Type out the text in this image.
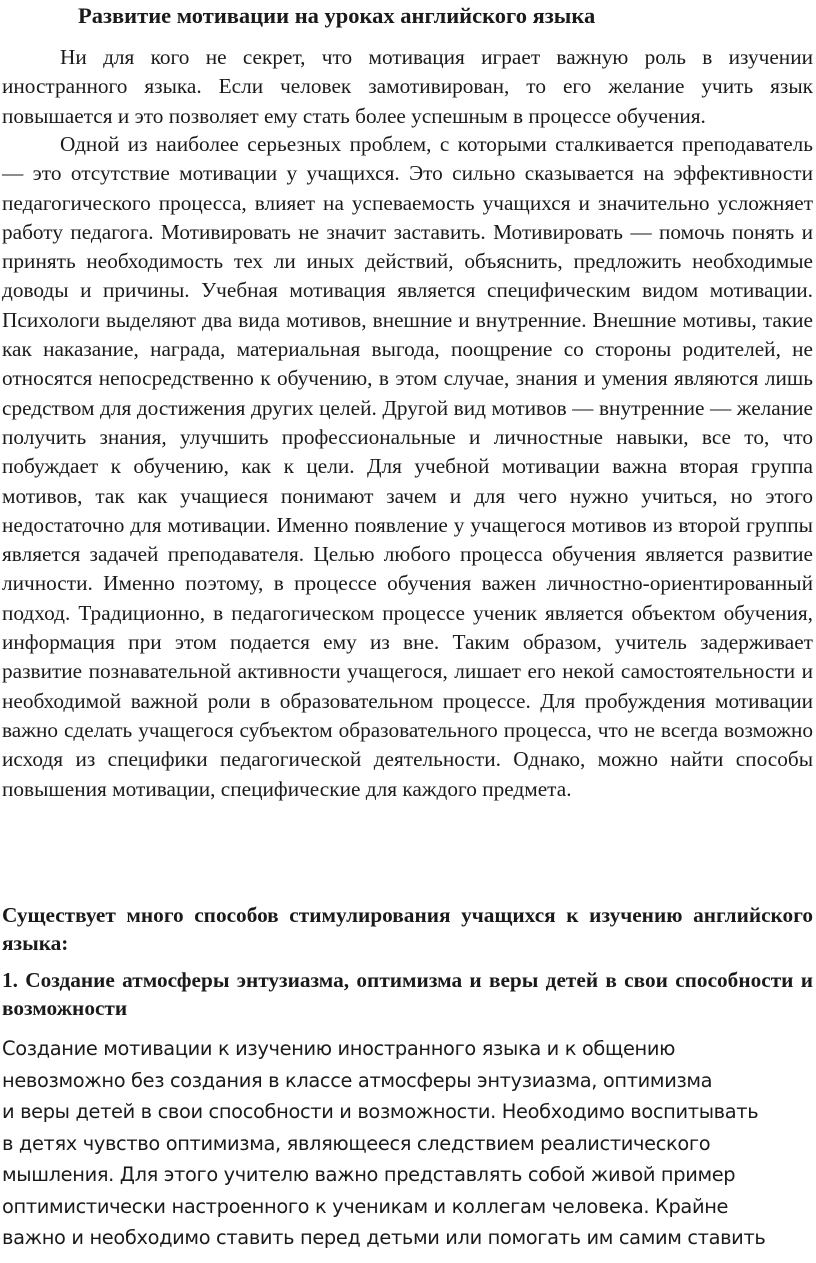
Развитие мотивации на уроках английского языка

Ни для кого не секрет, что мотивация играет важную роль в изучении иностранного языка. Если человек замотивирован, то его желание учить язык повышается и это позволяет ему стать более успешным в процессе обучения.

Одной из наиболее серьезных проблем, с которыми сталкивается преподаватель — это отсутствие мотивации у учащихся. Это сильно сказывается на эффективности педагогического процесса, влияет на успеваемость учащихся и значительно усложняет работу педагога. Мотивировать не значит заставить. Мотивировать — помочь понять и принять необходимость тех ли иных действий, объяснить, предложить необходимые доводы и причины. Учебная мотивация является специфическим видом мотивации. Психологи выделяют два вида мотивов, внешние и внутренние. Внешние мотивы, такие как наказание, награда, материальная выгода, поощрение со стороны родителей, не относятся непосредственно к обучению, в этом случае, знания и умения являются лишь средством для достижения других целей. Другой вид мотивов — внутренние — желание получить знания, улучшить профессиональные и личностные навыки, все то, что побуждает к обучению, как к цели. Для учебной мотивации важна вторая группа мотивов, так как учащиеся понимают зачем и для чего нужно учиться, но этого недостаточно для мотивации. Именно появление у учащегося мотивов из второй группы является задачей преподавателя. Целью любого процесса обучения является развитие личности. Именно поэтому, в процессе обучения важен личностно-ориентированный подход. Традиционно, в педагогическом процессе ученик является объектом обучения, информация при этом подается ему из вне. Таким образом, учитель задерживает развитие познавательной активности учащегося, лишает его некой самостоятельности и необходимой важной роли в образовательном процессе. Для пробуждения мотивации важно сделать учащегося субъектом образовательного процесса, что не всегда возможно исходя из специфики педагогической деятельности. Однако, можно найти способы повышения мотивации, специфические для каждого предмета.

Существует много способов стимулирования учащихся к изучению английского языка:
1. Создание атмосферы энтузиазма, оптимизма и веры детей в свои способности и возможности

Создание мотивации к изучению иностранного языка и к общению
невозможно без создания в классе атмосферы энтузиазма, оптимизма
и веры детей в свои способности и возможности. Необходимо воспитывать
в детях чувство оптимизма, являющееся следствием реалистического
мышления. Для этого учителю важно представлять собой живой пример
оптимистически настроенного к ученикам и коллегам человека. Крайне
важно и необходимо ставить перед детьми или помогать им самим ставить
